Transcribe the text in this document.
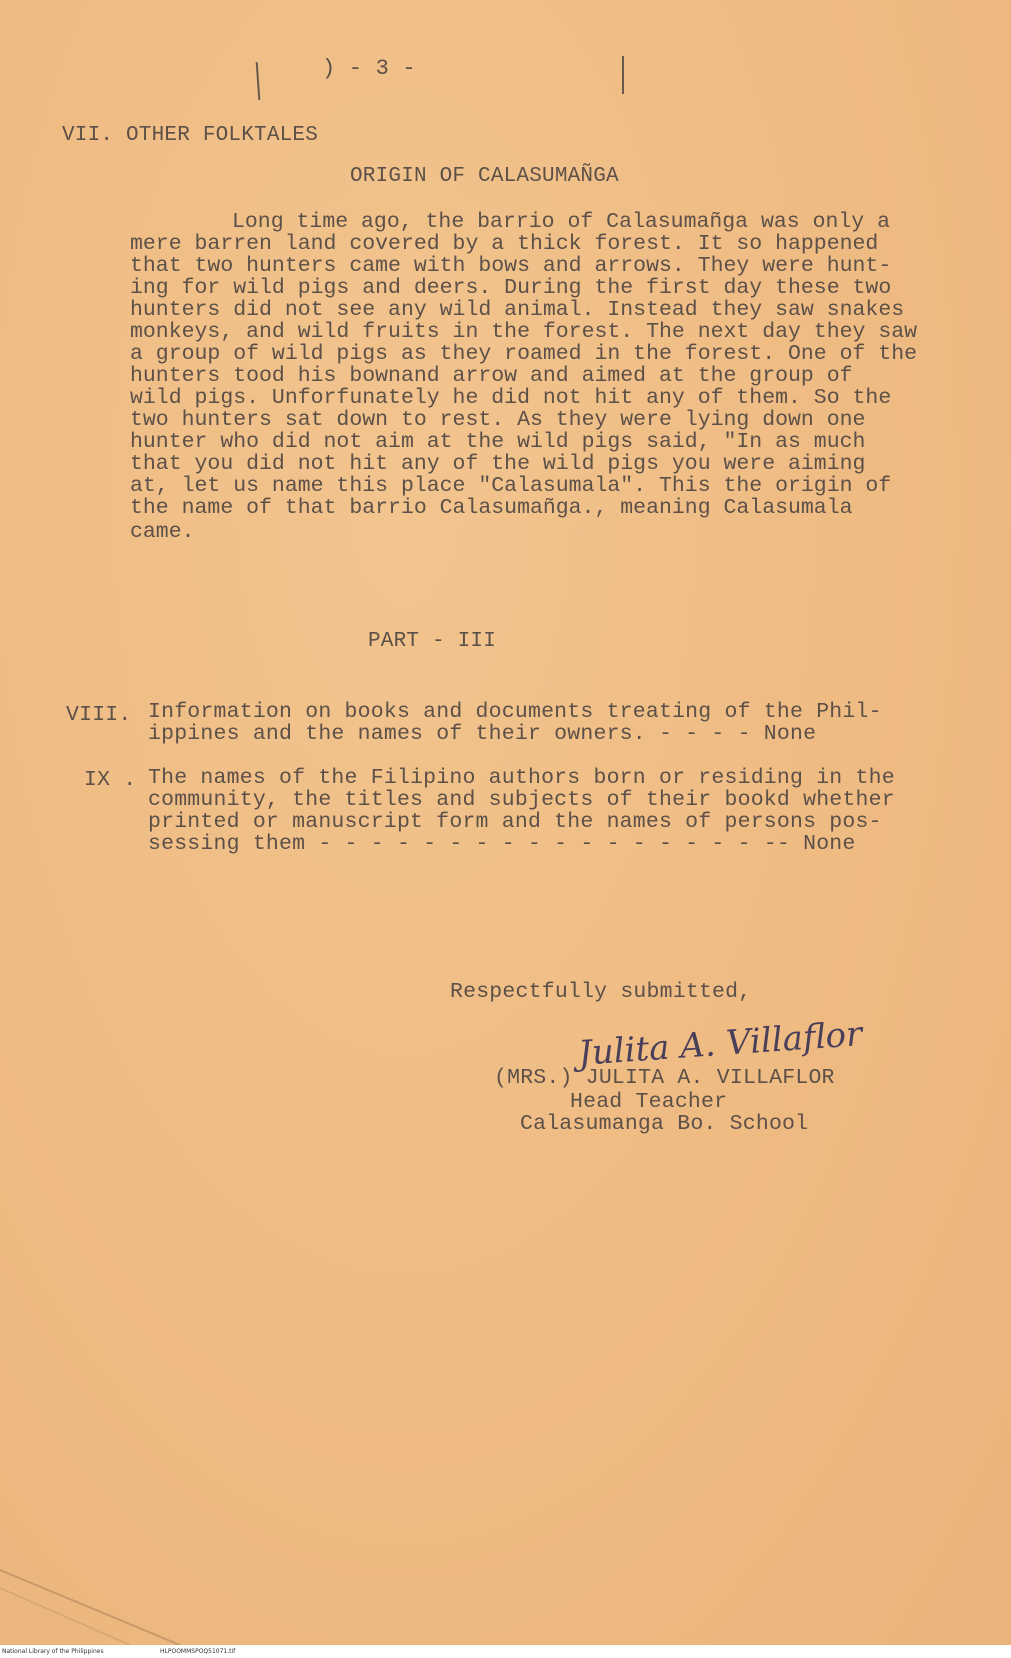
) - 3 -
VII. OTHER FOLKTALES
ORIGIN OF CALASUMAÑGA
Long time ago, the barrio of Calasumañga was only a
mere barren land covered by a thick forest. It so happened
that two hunters came with bows and arrows. They were hunt-
ing for wild pigs and deers. During the first day these two
hunters did not see any wild animal. Instead they saw snakes
monkeys, and wild fruits in the forest. The next day they saw
a group of wild pigs as they roamed in the forest. One of the
hunters tood his bownand arrow and aimed at the group of
wild pigs. Unforfunately he did not hit any of them. So the
two hunters sat down to rest. As they were lying down one
hunter who did not aim at the wild pigs said, "In as much
that you did not hit any of the wild pigs you were aiming
at, let us name this place "Calasumala". This the origin of
the name of that barrio Calasumañga., meaning Calasumala
came.
PART - III
VIII. Information on books and documents treating of the Phil-
ippines and the names of their owners. - - - - None
IX . The names of the Filipino authors born or residing in the
community, the titles and subjects of their bookd whether
printed or manuscript form and the names of persons pos-
sessing them - - - - - - - - - - - - - - - - - -- None
Respectfully submitted,
Julita A. Villaflor
(MRS.) JULITA A. VILLAFLOR
Head Teacher
Calasumanga Bo. School
National Library of the Philippines	HLPOOMMSPOQ51071.tif
